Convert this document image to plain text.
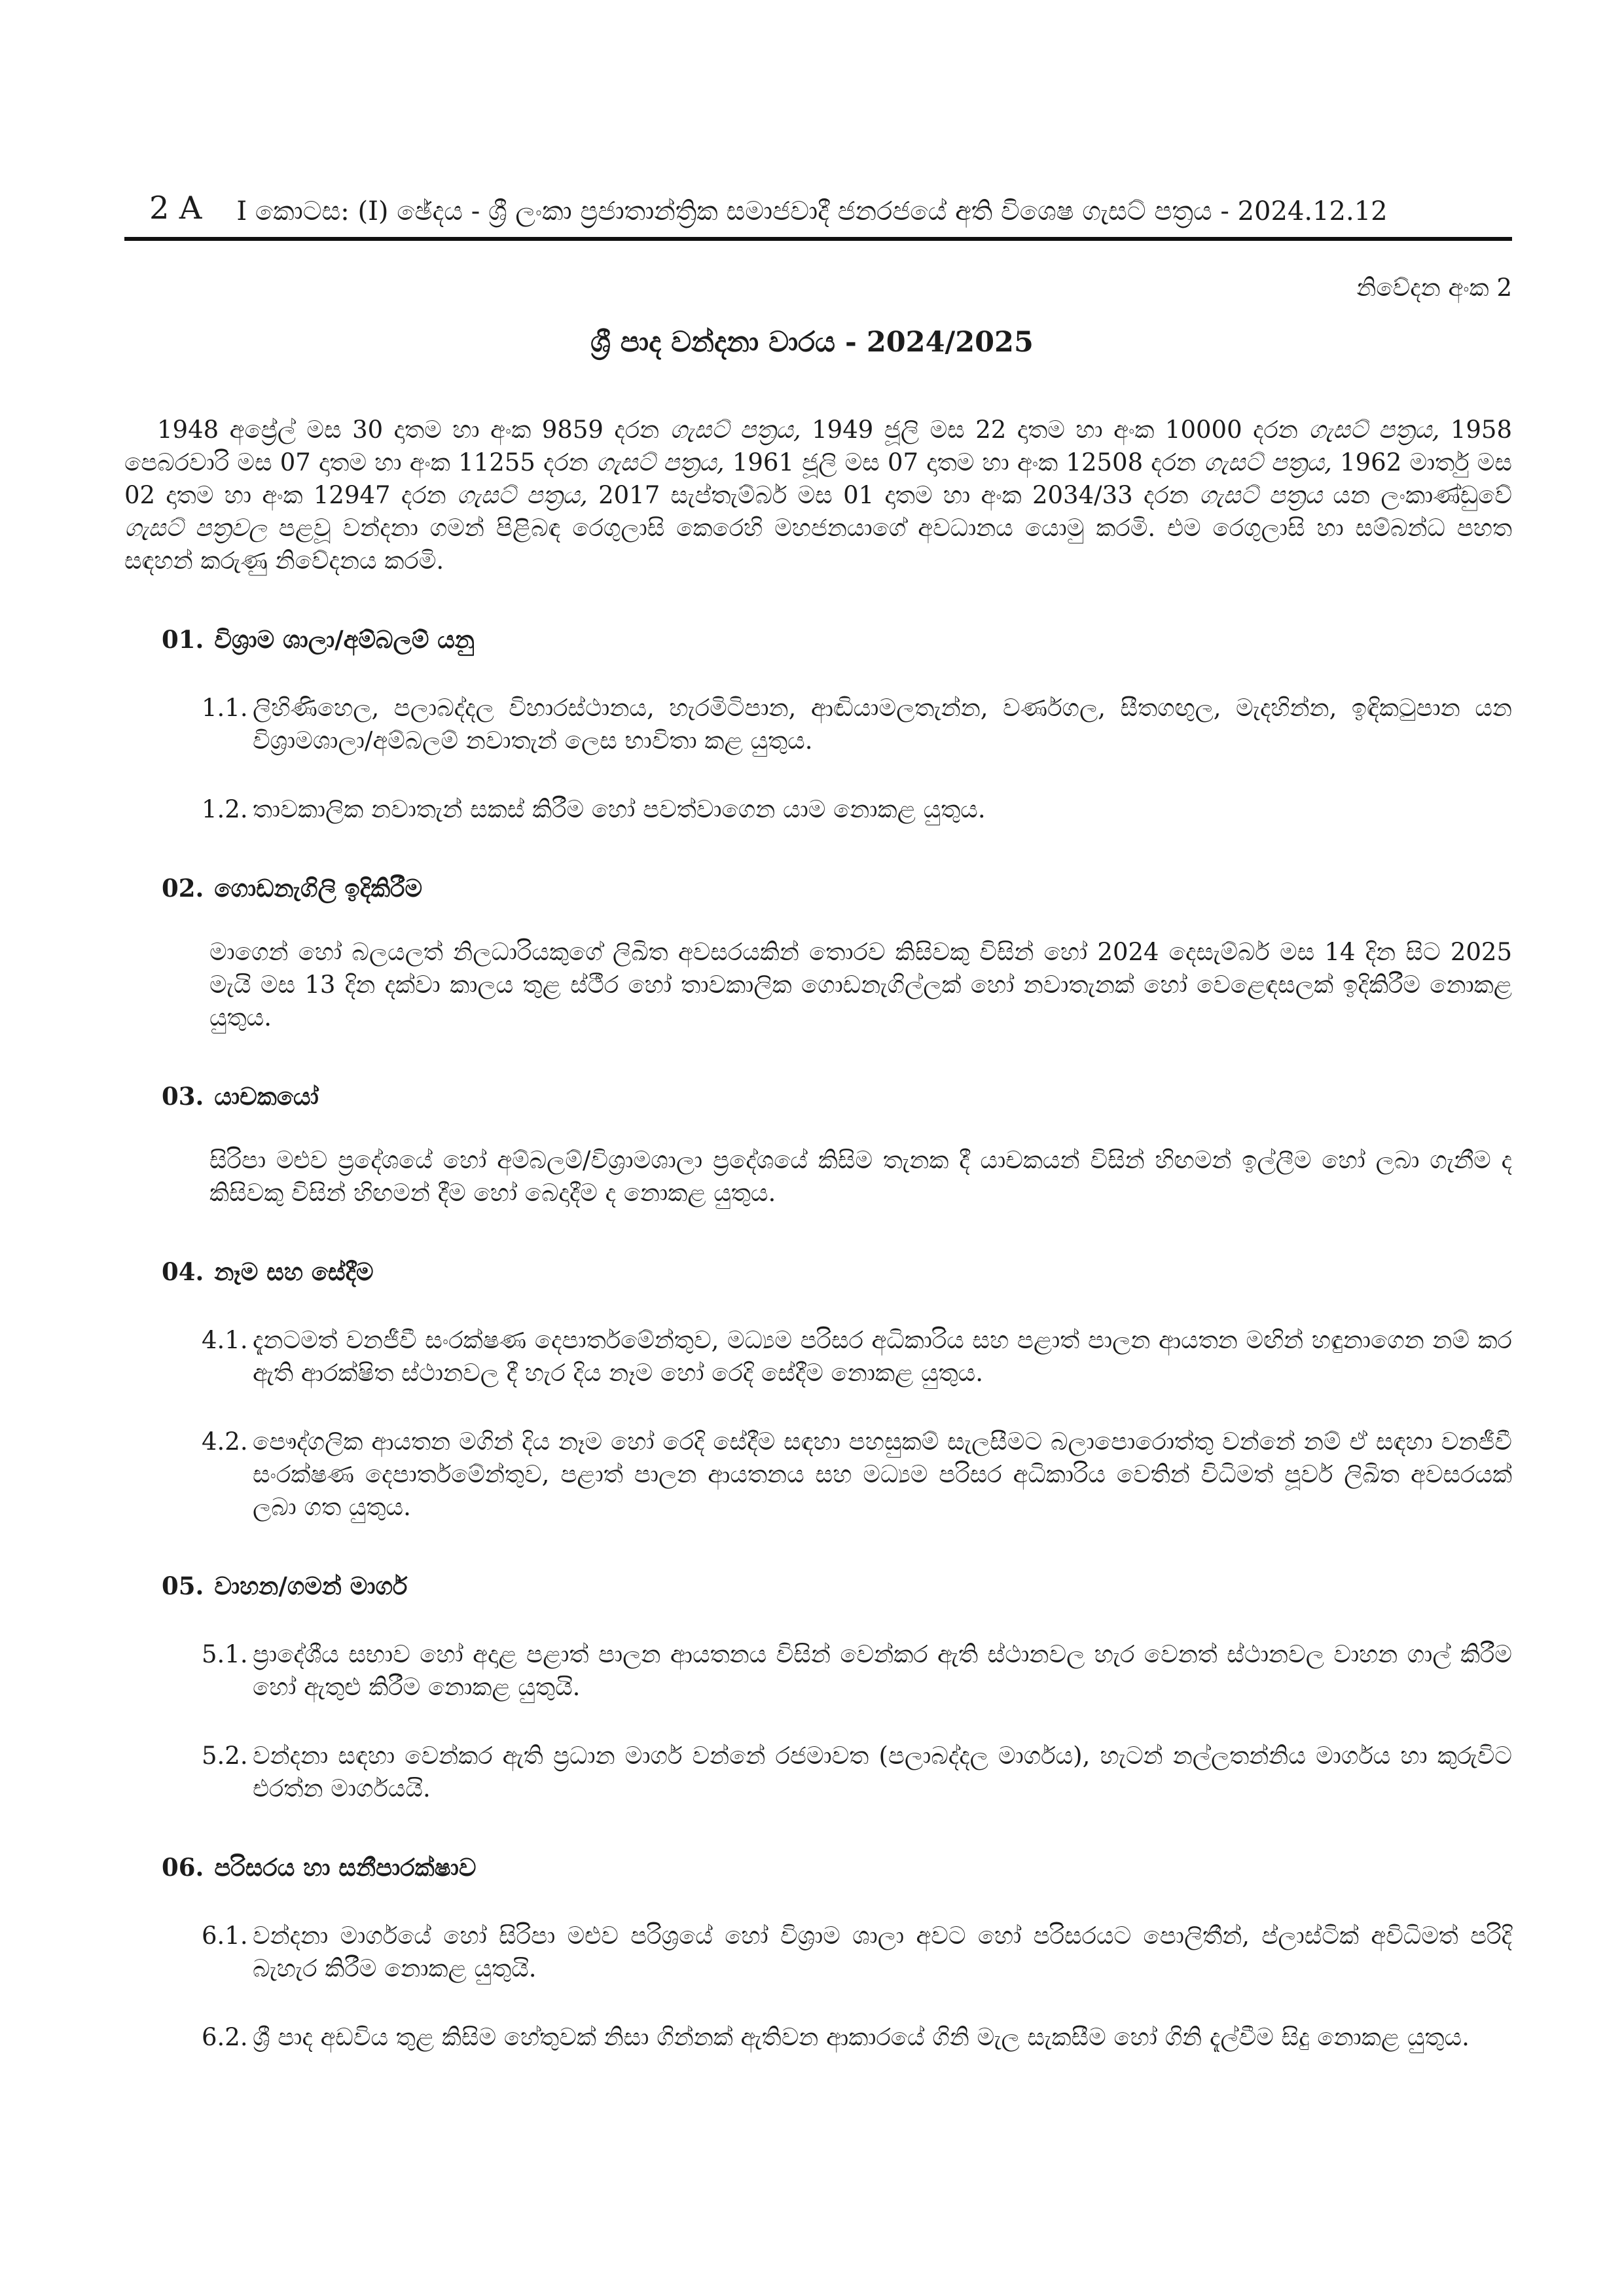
2 A	I කොටස: (I) ඡේදය - ශ්‍රී ලංකා ප්‍රජාතාන්ත්‍රික සමාජවාදී ජනරජයේ අති විශෙෂ ගැසට් පත්‍රය - 2024.12.12
නිවේදන අංක 2
ශ්‍රී පාද වන්දනා වාරය - 2024/2025

1948 අප්‍රේල් මස 30 දාතම හා අංක 9859 දරන ගැසට් පත්‍රය, 1949 ජූලි මස 22 දාතම හා අංක 10000 දරන ගැසට් පත්‍රය, 1958 පෙබරවාරි මස 07 දාතම හා අංක 11255 දරන ගැසට් පත්‍රය, 1961 ජූලි මස 07 දාතම හා අංක 12508 දරන ගැසට් පත්‍රය, 1962 මාර්තු මස 02 දාතම හා අංක 12947 දරන ගැසට් පත්‍රය, 2017 සැප්තැම්බර් මස 01 දාතම හා අංක 2034/33 දරන ගැසට් පත්‍රය යන ලංකාණ්ඩුවේ ගැසට් පත්‍රවල පළවූ වන්දනා ගමන් පිළිබඳ රෙගුලාසි කෙරෙහි මහජනයාගේ අවධානය යොමු කරමි. එම රෙගුලාසි හා සම්බන්ධ පහත සඳහන් කරුණු නිවේදනය කරමි.

01. විශ්‍රාම ශාලා/අම්බලම් යනු
1.1. ලිහිණිහෙල, පලාබද්දල විහාරස්ථානය, හැරමිටිපාන, ආඬියාමලතැන්න, වර්ණගල, සීතගඟුල, මැදහින්න, ඉඳිකටුපාන යන විශ්‍රාමශාලා/අම්බලම් නවාතැන් ලෙස භාවිතා කළ යුතුය.
1.2. තාවකාලික නවාතැන් සකස් කිරීම හෝ පවත්වාගෙන යාම නොකළ යුතුය.
02. ගොඩනැගිලි ඉදිකිරීම

මාගෙන් හෝ බලයලත් නිලධාරියකුගේ ලිඛිත අවසරයකින් තොරව කිසිවකු විසින් හෝ 2024 දෙසැම්බර් මස 14 දින සිට 2025 මැයි මස 13 දින දක්වා කාලය තුළ ස්ථීර හෝ තාවකාලික ගොඩනැගිල්ලක් හෝ නවාතැනක් හෝ වෙළෙඳසලක් ඉදිකිරීම නොකළ යුතුය.

03. යාචකයෝ

සිරිපා මළුව ප්‍රදේශයේ හෝ අම්බලම්/විශ්‍රාමශාලා ප්‍රදේශයේ කිසිම තැනක දී යාචකයන් විසින් හිඟමන් ඉල්ලීම හෝ ලබා ගැනීම ද කිසිවකු විසින් හිඟමන් දීම හෝ බෙදාදීම ද නොකළ යුතුය.

04. නෑම සහ සේදීම
4.1. දැනටමත් වනජීවී සංරක්ෂණ දෙපාර්තමේන්තුව, මධ්‍යම පරිසර අධිකාරිය සහ පළාත් පාලන ආයතන මඟින් හඳුනාගෙන නම් කර ඇති ආරක්ෂිත ස්ථානවල දී හැර දිය නෑම හෝ රෙදි සේදීම නොකළ යුතුය.
4.2. පෞද්ගලික ආයතන මගින් දිය නෑම හෝ රෙදි සේදීම සඳහා පහසුකම් සැලසීමට බලාපොරොත්තු වන්නේ නම් ඒ සඳහා වනජීවී සංරක්ෂණ දෙපාර්තමේන්තුව, පළාත් පාලන ආයතනය සහ මධ්‍යම පරිසර අධිකාරිය වෙතින් විධිමත් පූර්ව ලිඛිත අවසරයක් ලබා ගත යුතුය.
05. වාහන/ගමන් මාර්ග
5.1. ප්‍රාදේශීය සභාව හෝ අදාළ පළාත් පාලන ආයතනය විසින් වෙන්කර ඇති ස්ථානවල හැර වෙනත් ස්ථානවල වාහන ගාල් කිරීම හෝ ඇතුළු කිරීම නොකළ යුතුයි.
5.2. වන්දනා සඳහා වෙන්කර ඇති ප්‍රධාන මාර්ග වන්නේ රජමාවත (පලාබද්දල මාර්ගය), හැටන් නල්ලතන්නිය මාර්ගය හා කුරුවිට එරත්න මාර්ගයයි.
06. පරිසරය හා සනීපාරක්ෂාව
6.1. වන්දනා මාර්ගයේ හෝ සිරිපා මළුව පරිශ්‍රයේ හෝ විශ්‍රාම ශාලා අවට හෝ පරිසරයට පොලිතීන්, ප්ලාස්ටික් අවිධිමත් පරිදි බැහැර කිරීම නොකළ යුතුයි.
6.2. ශ්‍රී පාද අඩවිය තුළ කිසිම හේතුවක් නිසා ගින්නක් ඇතිවන ආකාරයේ ගිනි මැල සැකසීම හෝ ගිනි දැල්වීම සිදු නොකළ යුතුය.
